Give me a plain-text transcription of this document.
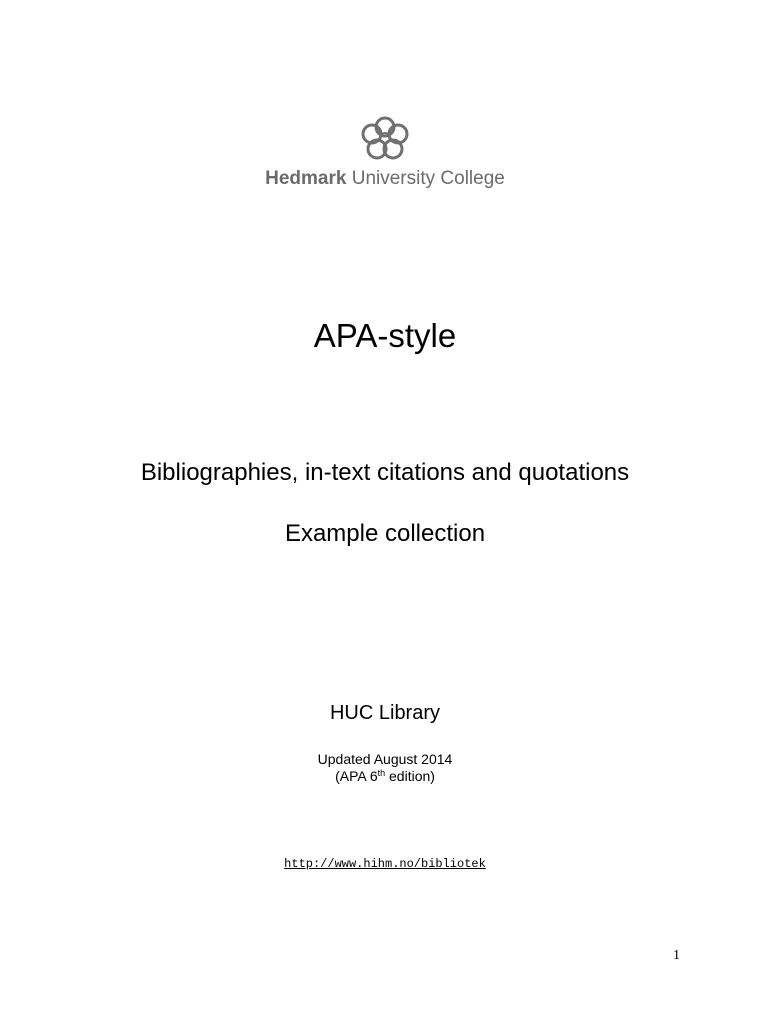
Hedmark University College
APA-style
Bibliographies, in-text citations and quotations
Example collection
HUC Library
Updated August 2014
(APA 6th edition)
http://www.hihm.no/bibliotek
1
